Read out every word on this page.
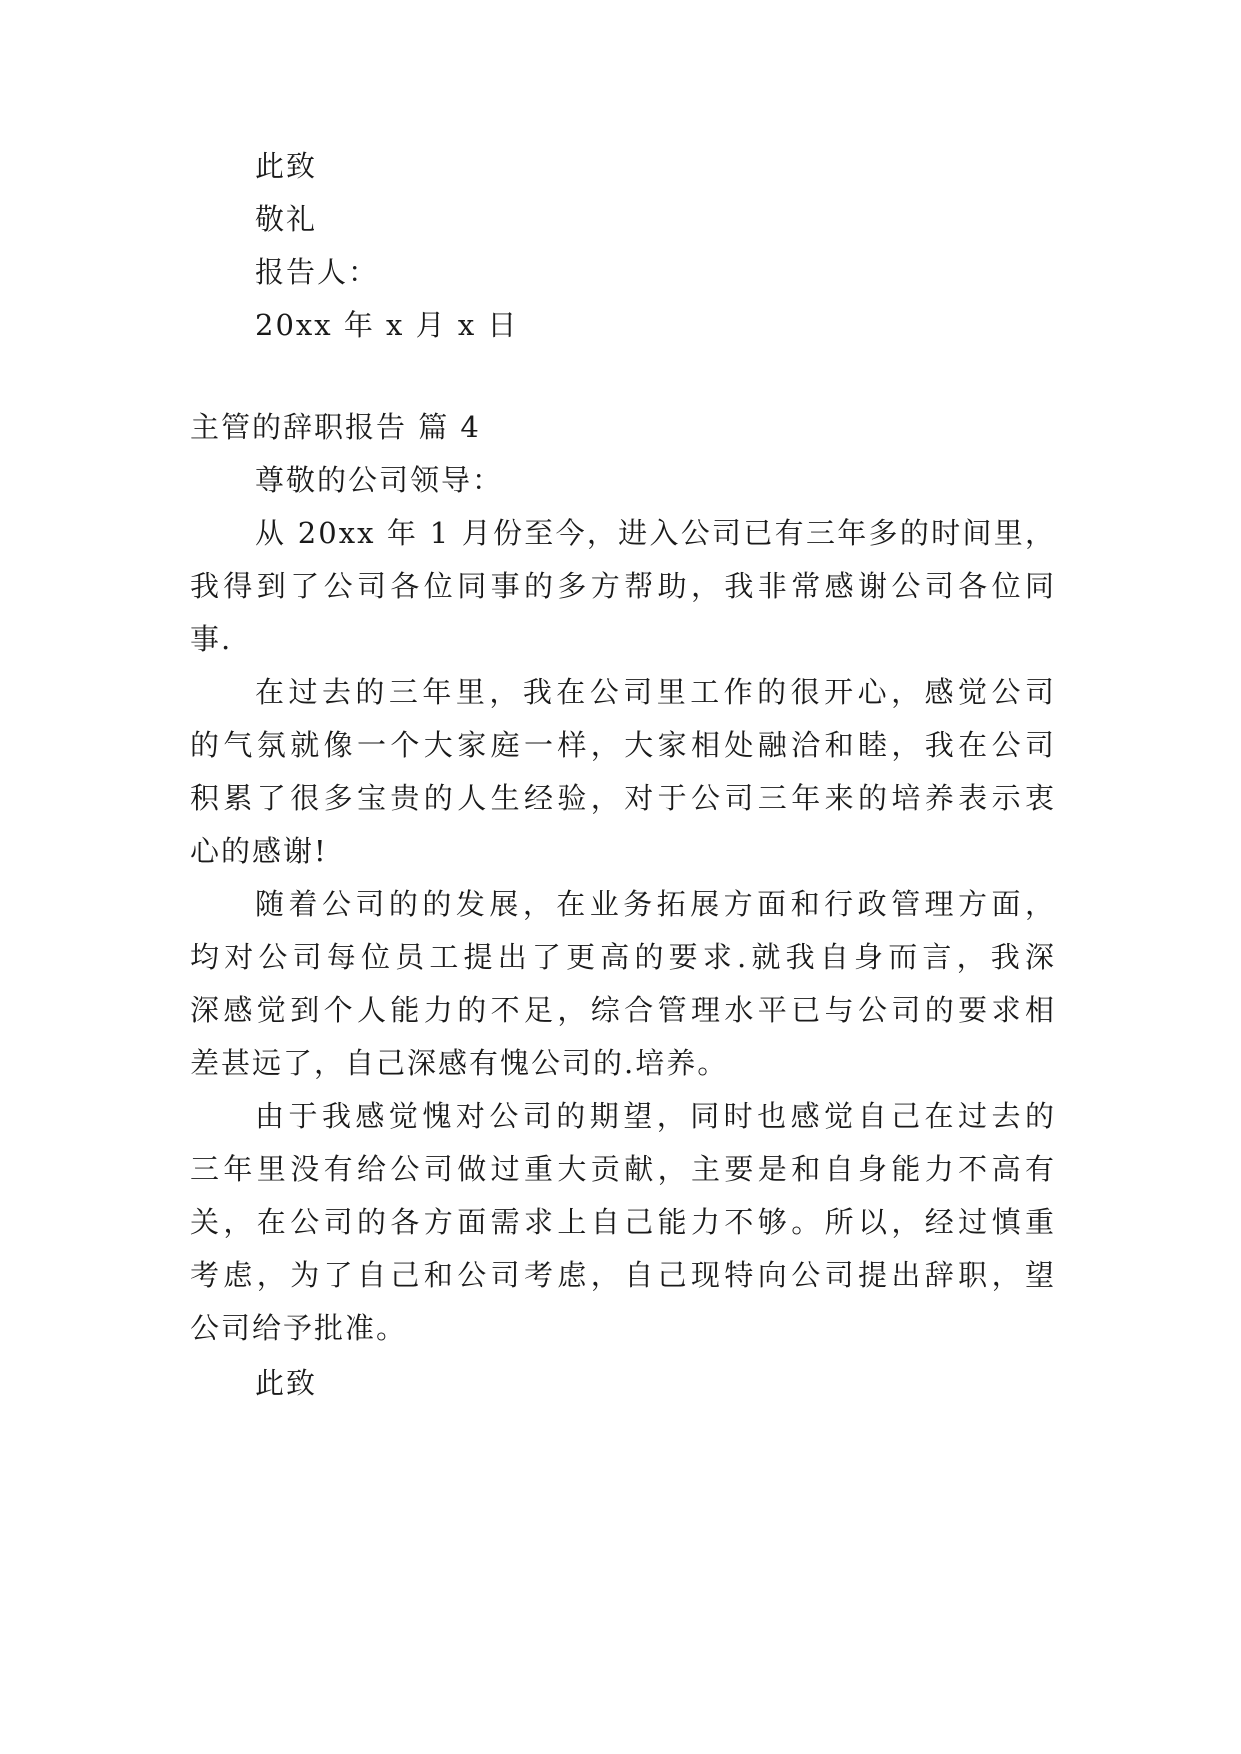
此致
敬礼
报告人：
20xx 年 x 月 x 日
主管的辞职报告 篇 4
尊敬的公司领导：
从 20xx 年 1 月份至今，进入公司已有三年多的时间里，
我得到了公司各位同事的多方帮助，我非常感谢公司各位同
事.
在过去的三年里，我在公司里工作的很开心，感觉公司
的气氛就像一个大家庭一样，大家相处融洽和睦，我在公司
积累了很多宝贵的人生经验，对于公司三年来的培养表示衷
心的感谢!
随着公司的的发展，在业务拓展方面和行政管理方面，
均对公司每位员工提出了更高的要求.就我自身而言，我深
深感觉到个人能力的不足，综合管理水平已与公司的要求相
差甚远了，自己深感有愧公司的.培养。
由于我感觉愧对公司的期望，同时也感觉自己在过去的
三年里没有给公司做过重大贡献，主要是和自身能力不高有
关，在公司的各方面需求上自己能力不够。所以，经过慎重
考虑，为了自己和公司考虑，自己现特向公司提出辞职，望
公司给予批准。
此致
